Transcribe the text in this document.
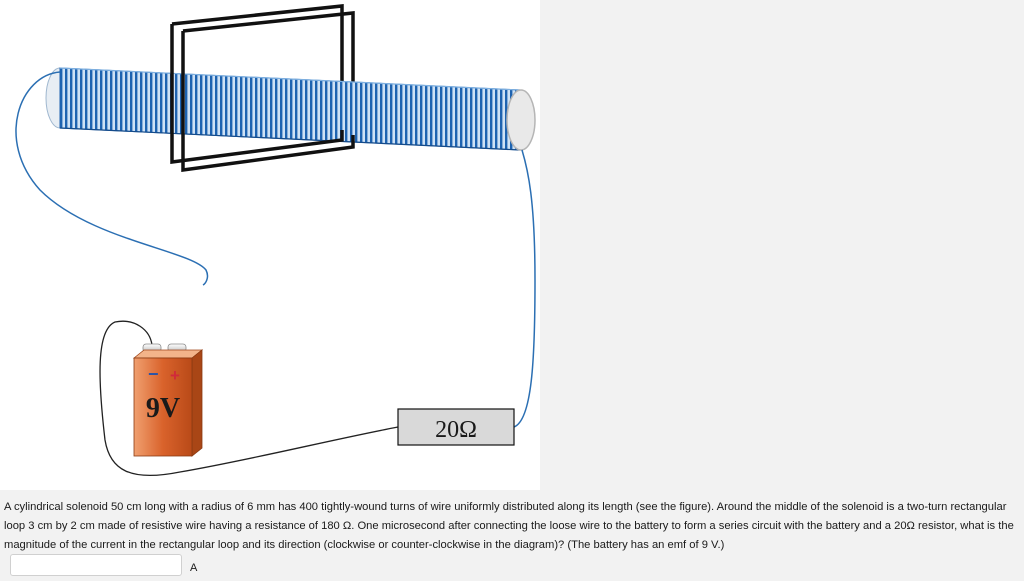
− +
9V
20Ω
A cylindrical solenoid 50 cm long with a radius of 6 mm has 400 tightly-wound turns of wire uniformly distributed along its length (see the figure). Around the middle of the solenoid is a two-turn rectangular loop 3 cm by 2 cm made of resistive wire having a resistance of 180 Ω. One microsecond after connecting the loose wire to the battery to form a series circuit with the battery and a 20Ω resistor, what is the magnitude of the current in the rectangular loop and its direction (clockwise or counter-clockwise in the diagram)? (The battery has an emf of 9 V.)
A
